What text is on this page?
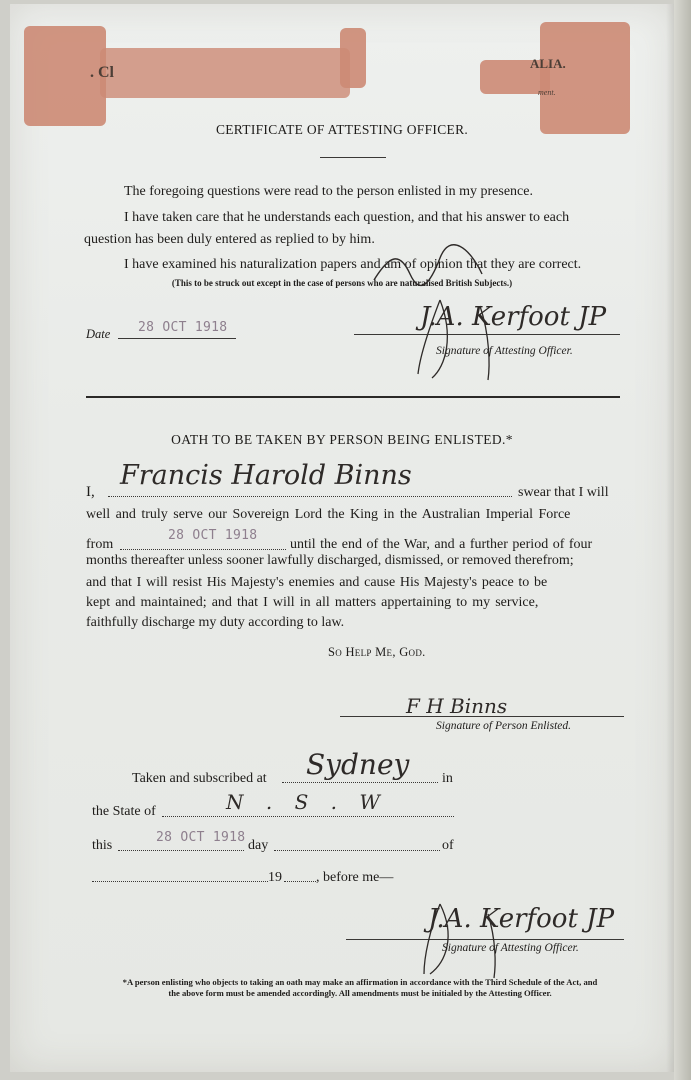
. Cl
ALIA.
ment.
CERTIFICATE OF ATTESTING OFFICER.
The foregoing questions were read to the person enlisted in my presence.
I have taken care that he understands each question, and that his answer to each
question has been duly entered as replied to by him.
I have examined his naturalization papers and am of opinion that they are correct.
(This to be struck out except in the case of persons who are naturalised British Subjects.)
Date 28 OCT 1918	J.A. Kerfoot JP
Signature of Attesting Officer.
OATH TO BE TAKEN BY PERSON BEING ENLISTED.*
I,
Francis Harold Binns
swear that I will
well and truly serve our Sovereign Lord the King in the Australian Imperial Force
from
28 OCT 1918
until the end of the War, and a further period of four
months thereafter unless sooner lawfully discharged, dismissed, or removed therefrom;
and that I will resist His Majesty's enemies and cause His Majesty's peace to be
kept and maintained; and that I will in all matters appertaining to my service,
faithfully discharge my duty according to law.
So Help Me, God.
F H Binns
Signature of Person Enlisted.
Taken and subscribed at Sydney in
the State of	N . S . W
this
28 OCT 1918
day	of
19 , before me—
J.A. Kerfoot JP
Signature of Attesting Officer.
*A person enlisting who objects to taking an oath may make an affirmation in accordance with the Third Schedule of the Act, and
the above form must be amended accordingly. All amendments must be initialed by the Attesting Officer.
